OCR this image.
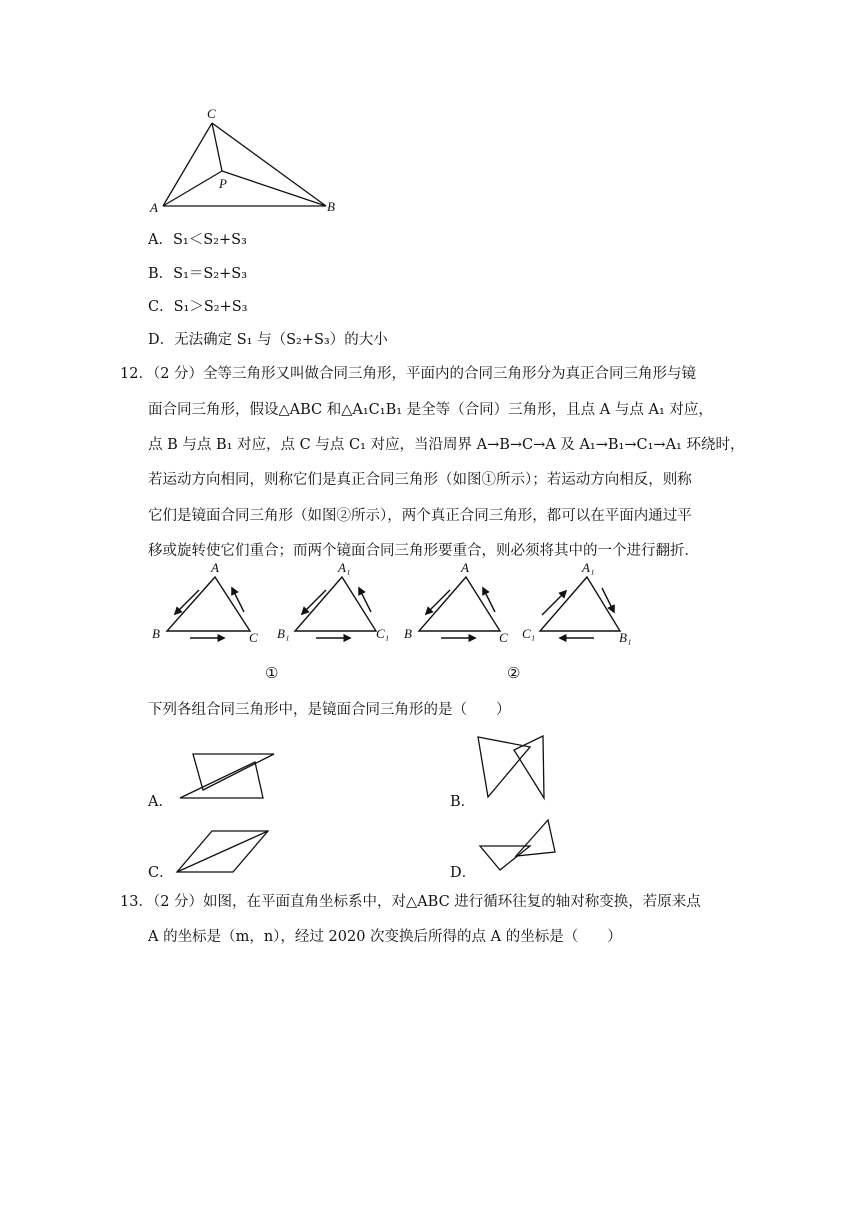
C
P
A	B
A．S₁＜S₂+S₃
B．S₁＝S₂+S₃
C．S₁＞S₂+S₃
D．无法确定 S₁ 与（S₂+S₃）的大小
12．（2 分）全等三角形又叫做合同三角形，平面内的合同三角形分为真正合同三角形与镜
面合同三角形，假设△ABC 和△A₁C₁B₁ 是全等（合同）三角形，且点 A 与点 A₁ 对应，
点 B 与点 B₁ 对应，点 C 与点 C₁ 对应，当沿周界 A→B→C→A 及 A₁→B₁→C₁→A₁ 环绕时，
若运动方向相同，则称它们是真正合同三角形（如图①所示）；若运动方向相反，则称
它们是镜面合同三角形（如图②所示），两个真正合同三角形，都可以在平面内通过平
移或旋转使它们重合；而两个镜面合同三角形要重合，则必须将其中的一个进行翻折．
A
B	C
A₁
B₁	C₁
A
B	C
A₁
C₁	B₁
①	②
下列各组合同三角形中，是镜面合同三角形的是（　　）
A．	B．
C．	D．
13．（2 分）如图，在平面直角坐标系中，对△ABC 进行循环往复的轴对称变换，若原来点
A 的坐标是（m，n），经过 2020 次变换后所得的点 A 的坐标是（　　）
